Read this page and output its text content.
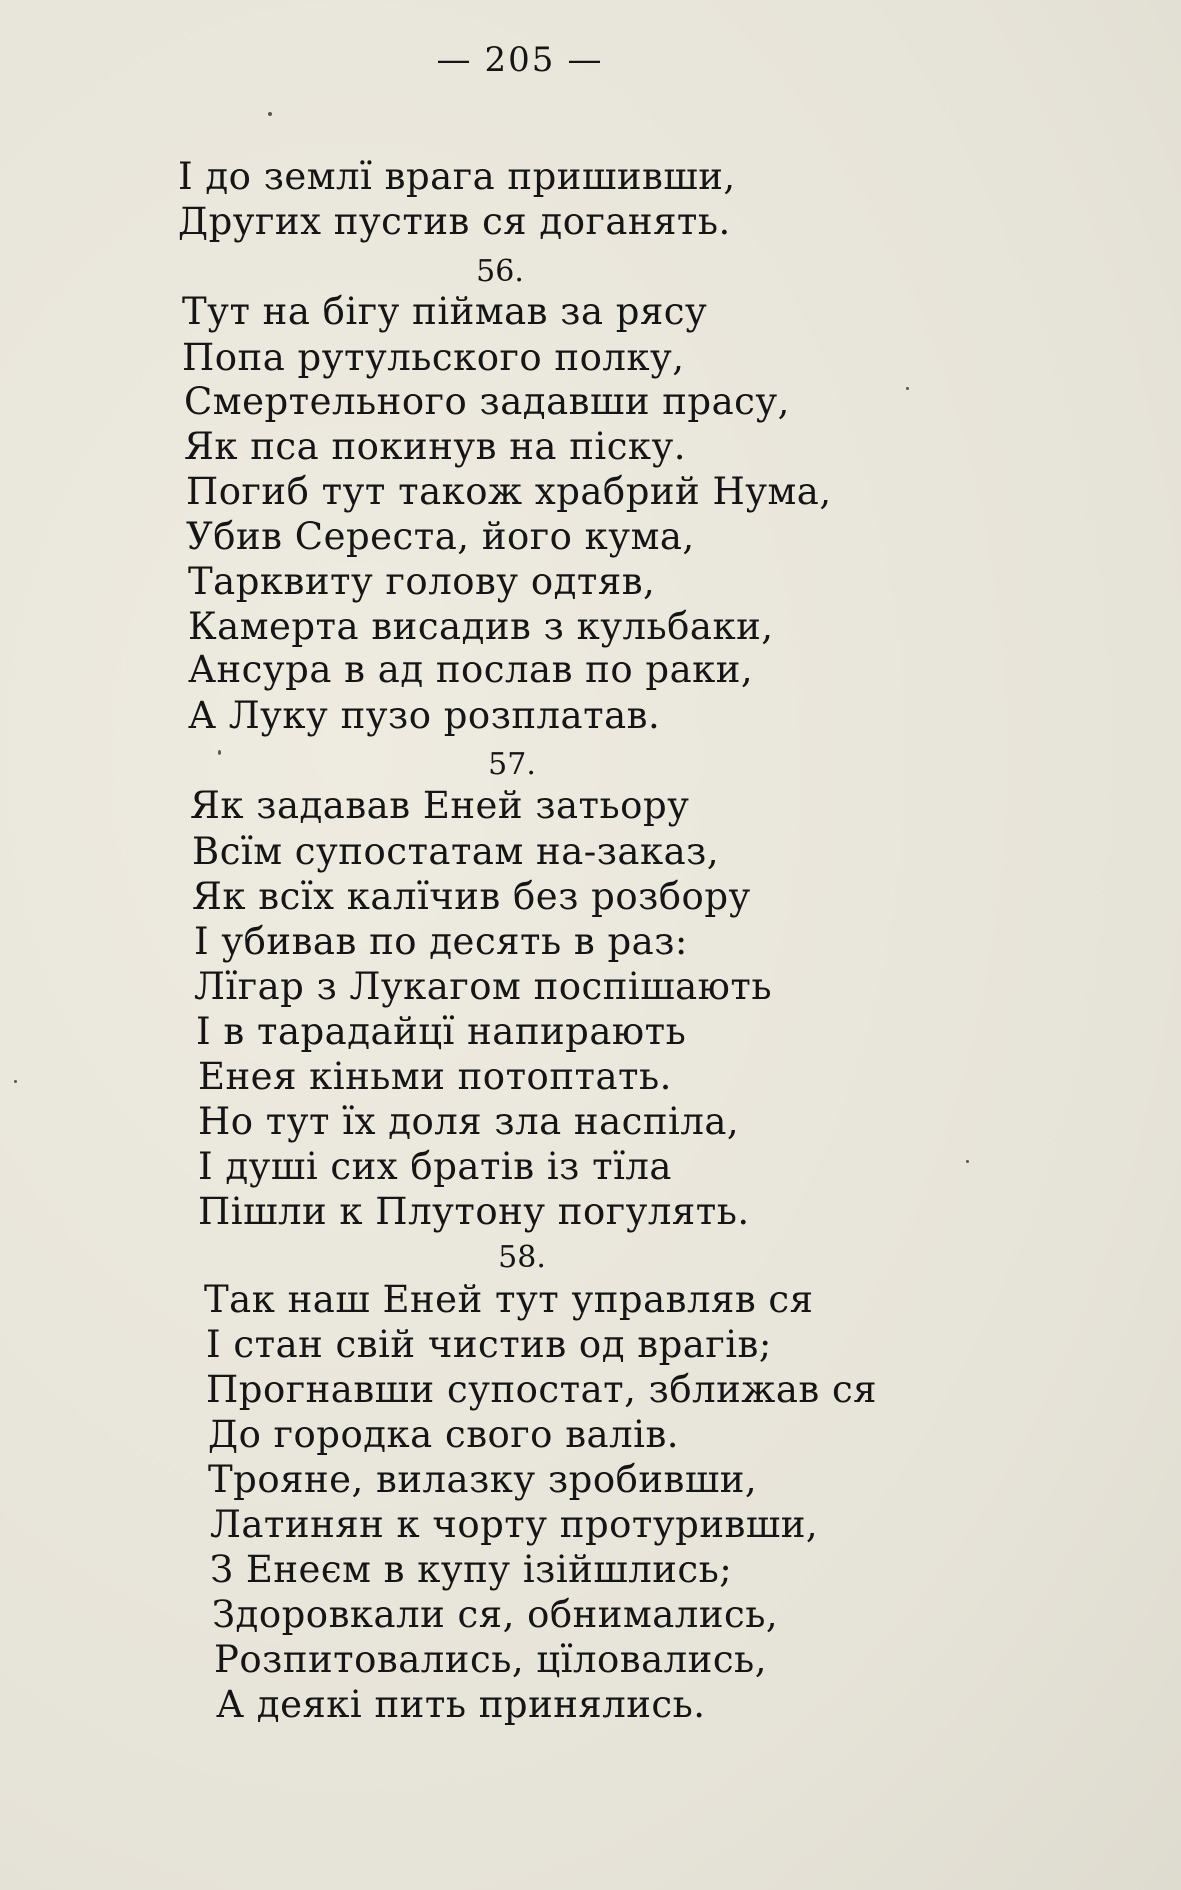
— 205 —
І до землї врага пришивши,
Других пустив ся доганять.
56.
Тут на бігу піймав за рясу
Попа рутульского полку,
Смертельного задавши прасу,
Як пса покинув на піску.
Погиб тут також храбрий Нума,
Убив Сереста, його кума,
Тарквиту голову одтяв,
Камерта висадив з кульбаки,
Ансура в ад послав по раки,
А Луку пузо розплатав.
57.
Як задавав Еней затьору
Всїм супостатам на-заказ,
Як всїх калїчив без розбору
І убивав по десять в раз:
Лїгар з Лукагом поспішають
І в тарадайцї напирають
Енея кіньми потоптать.
Но тут їх доля зла наспіла,
І душі сих братів із тїла
Пішли к Плутону погулять.
58.
Так наш Еней тут управляв ся
І стан свій чистив од врагів;
Прогнавши супостат, зближав ся
До городка свого валів.
Трояне, вилазку зробивши,
Латинян к чорту протуривши,
З Енеєм в купу ізійшлись;
Здоровкали ся, обнимались,
Розпитовались, цїловались,
А деякі пить принялись.
